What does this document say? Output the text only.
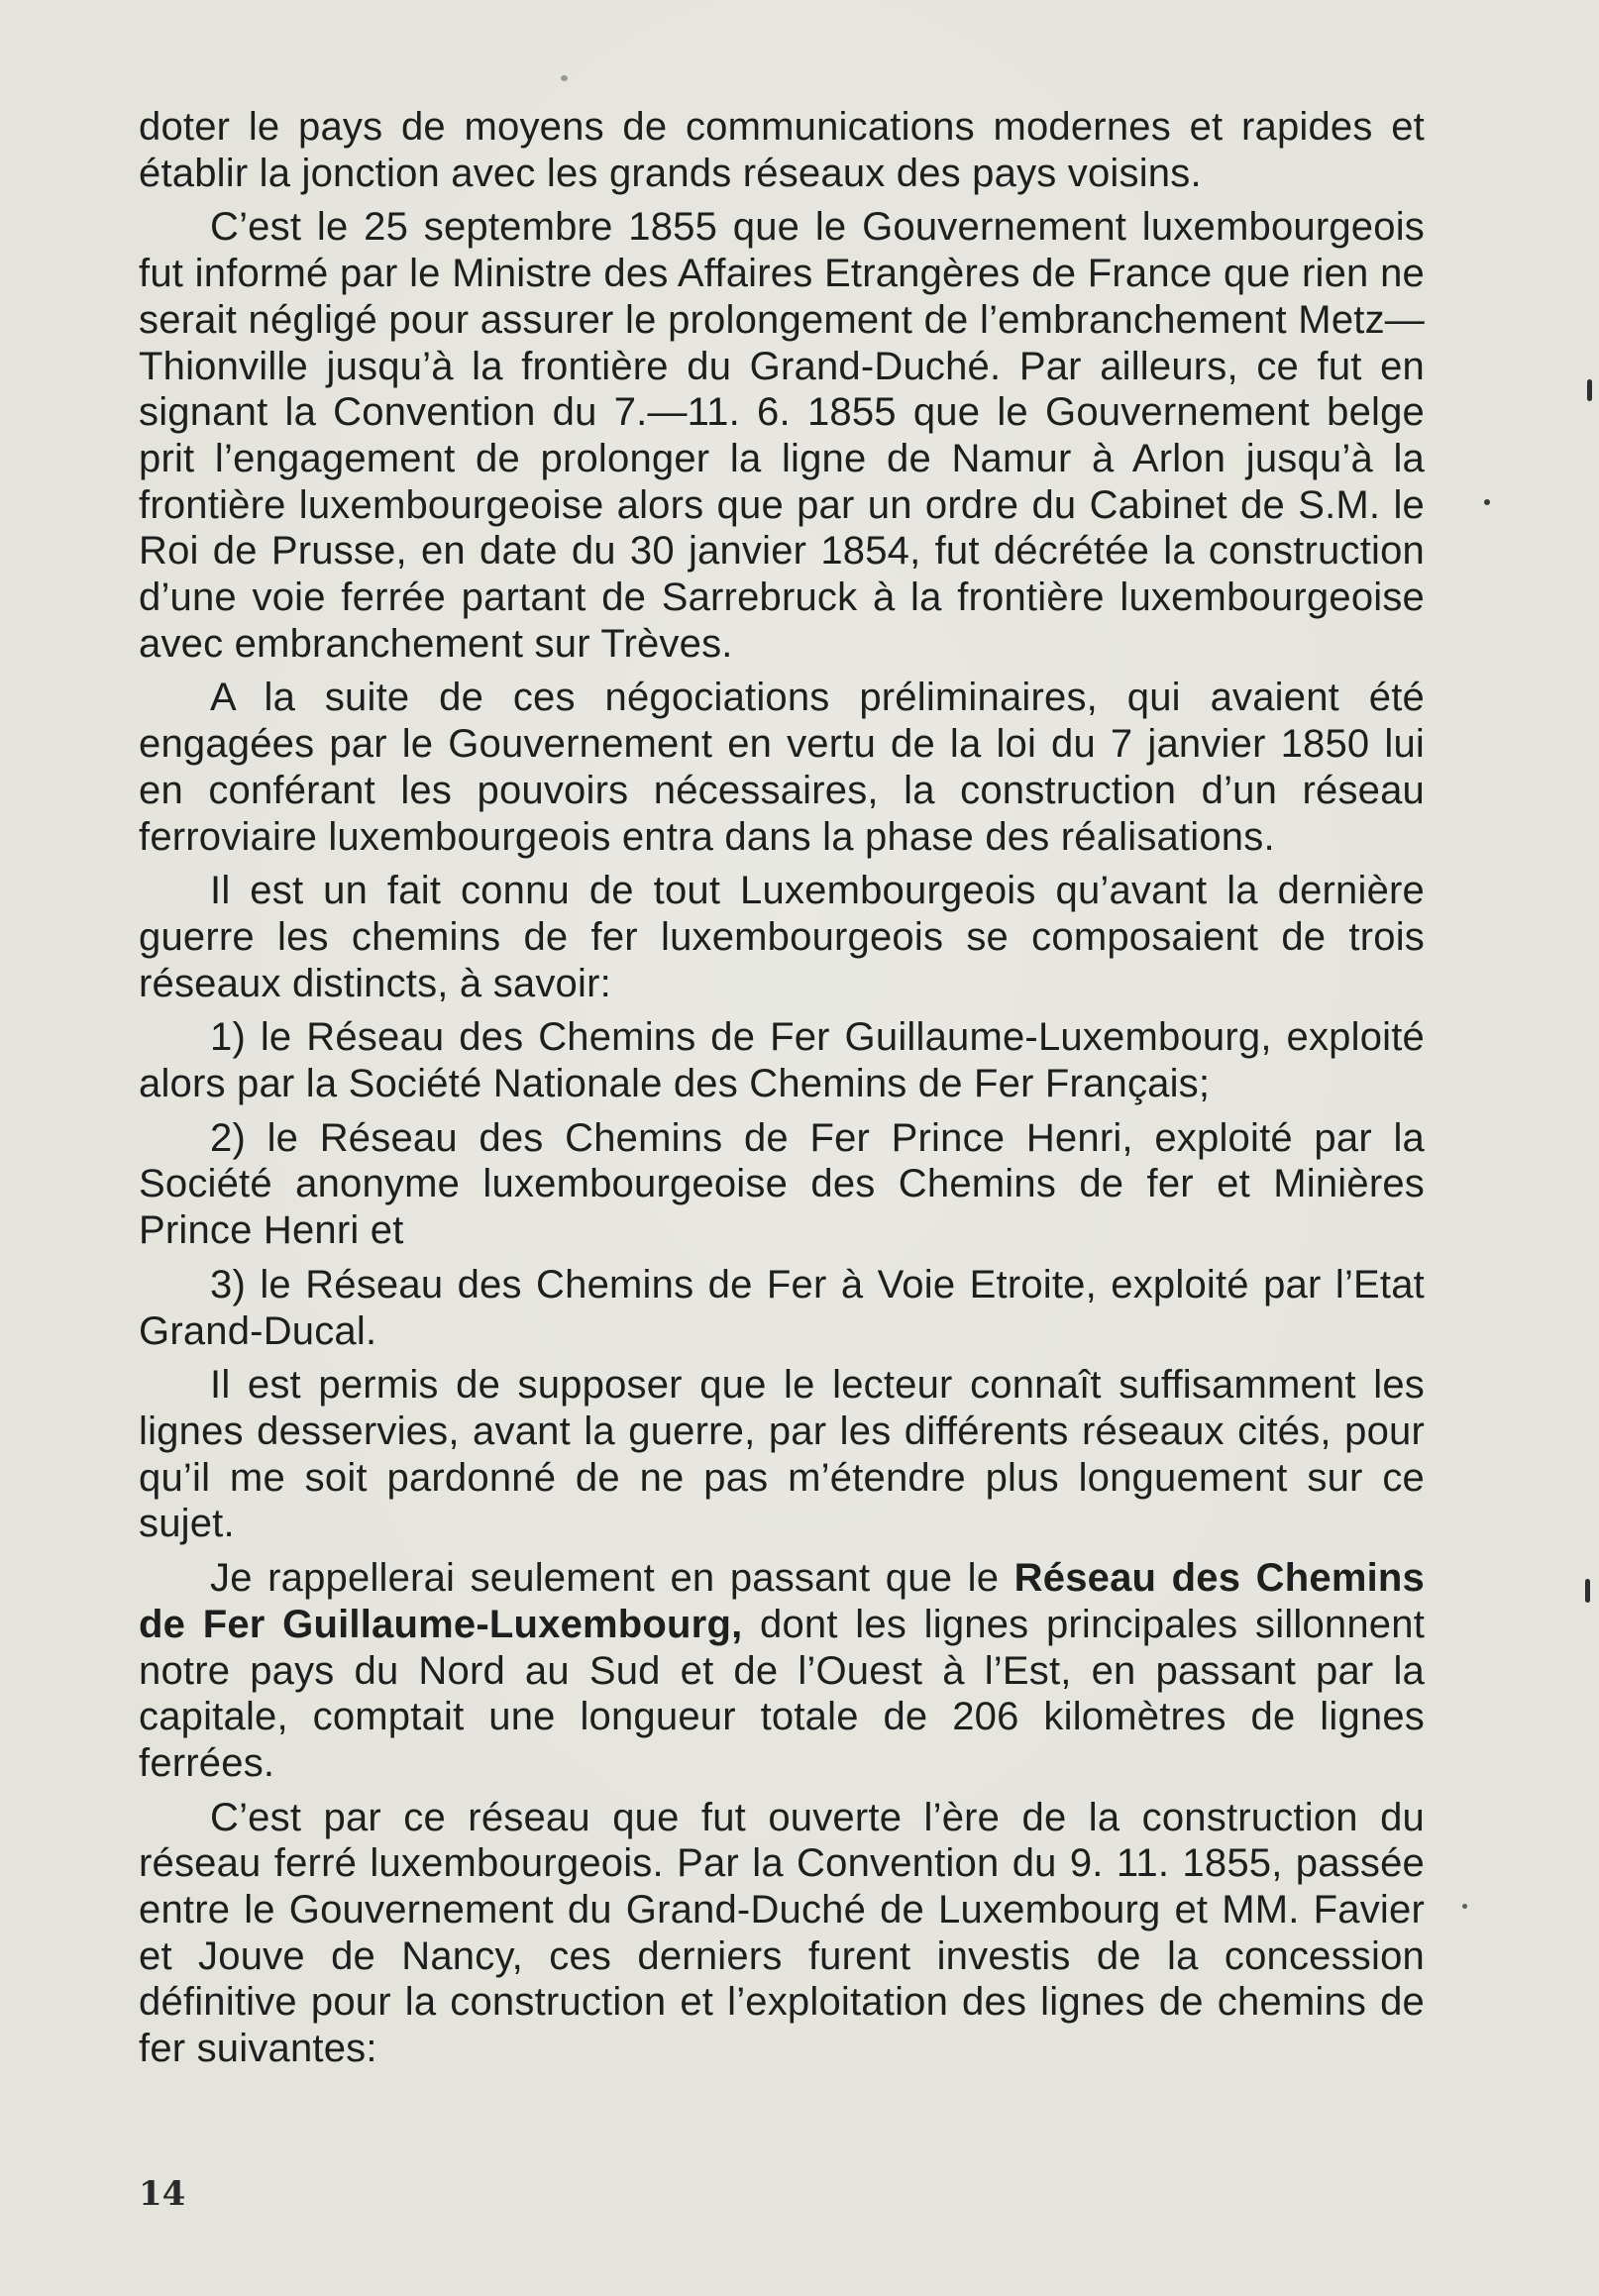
doter le pays de moyens de communications modernes et rapides et établir la jonction avec les grands réseaux des pays voisins.

C’est le 25 septembre 1855 que le Gouvernement luxembourgeois fut informé par le Ministre des Affaires Etrangères de France que rien ne serait négligé pour assurer le prolongement de l’embranchement Metz—Thionville jusqu’à la frontière du Grand-Duché. Par ailleurs, ce fut en signant la Convention du 7.—11. 6. 1855 que le Gouvernement belge prit l’engagement de prolonger la ligne de Namur à Arlon jusqu’à la frontière luxembourgeoise alors que par un ordre du Cabinet de S.M. le Roi de Prusse, en date du 30 janvier 1854, fut décrétée la construction d’une voie ferrée partant de Sarrebruck à la frontière luxembourgeoise avec embranchement sur Trèves.

A la suite de ces négociations préliminaires, qui avaient été engagées par le Gouvernement en vertu de la loi du 7 janvier 1850 lui en conférant les pouvoirs nécessaires, la construction d’un réseau ferroviaire luxembourgeois entra dans la phase des réalisations.

Il est un fait connu de tout Luxembourgeois qu’avant la dernière guerre les chemins de fer luxembourgeois se composaient de trois réseaux distincts, à savoir:

1) le Réseau des Chemins de Fer Guillaume-Luxembourg, exploité alors par la Société Nationale des Chemins de Fer Français;

2) le Réseau des Chemins de Fer Prince Henri, exploité par la Société anonyme luxembourgeoise des Chemins de fer et Minières Prince Henri et

3) le Réseau des Chemins de Fer à Voie Etroite, exploité par l’Etat Grand-Ducal.

Il est permis de supposer que le lecteur connaît suffisamment les lignes desservies, avant la guerre, par les différents réseaux cités, pour qu’il me soit pardonné de ne pas m’étendre plus longuement sur ce sujet.

Je rappellerai seulement en passant que le Réseau des Chemins de Fer Guillaume-Luxembourg, dont les lignes principales sillonnent notre pays du Nord au Sud et de l’Ouest à l’Est, en passant par la capitale, comptait une longueur totale de 206 kilomètres de lignes ferrées.

C’est par ce réseau que fut ouverte l’ère de la construction du réseau ferré luxembourgeois. Par la Convention du 9. 11. 1855, passée entre le Gouvernement du Grand-Duché de Luxembourg et MM. Favier et Jouve de Nancy, ces derniers furent investis de la concession définitive pour la construction et l’exploitation des lignes de chemins de fer suivantes:

14
